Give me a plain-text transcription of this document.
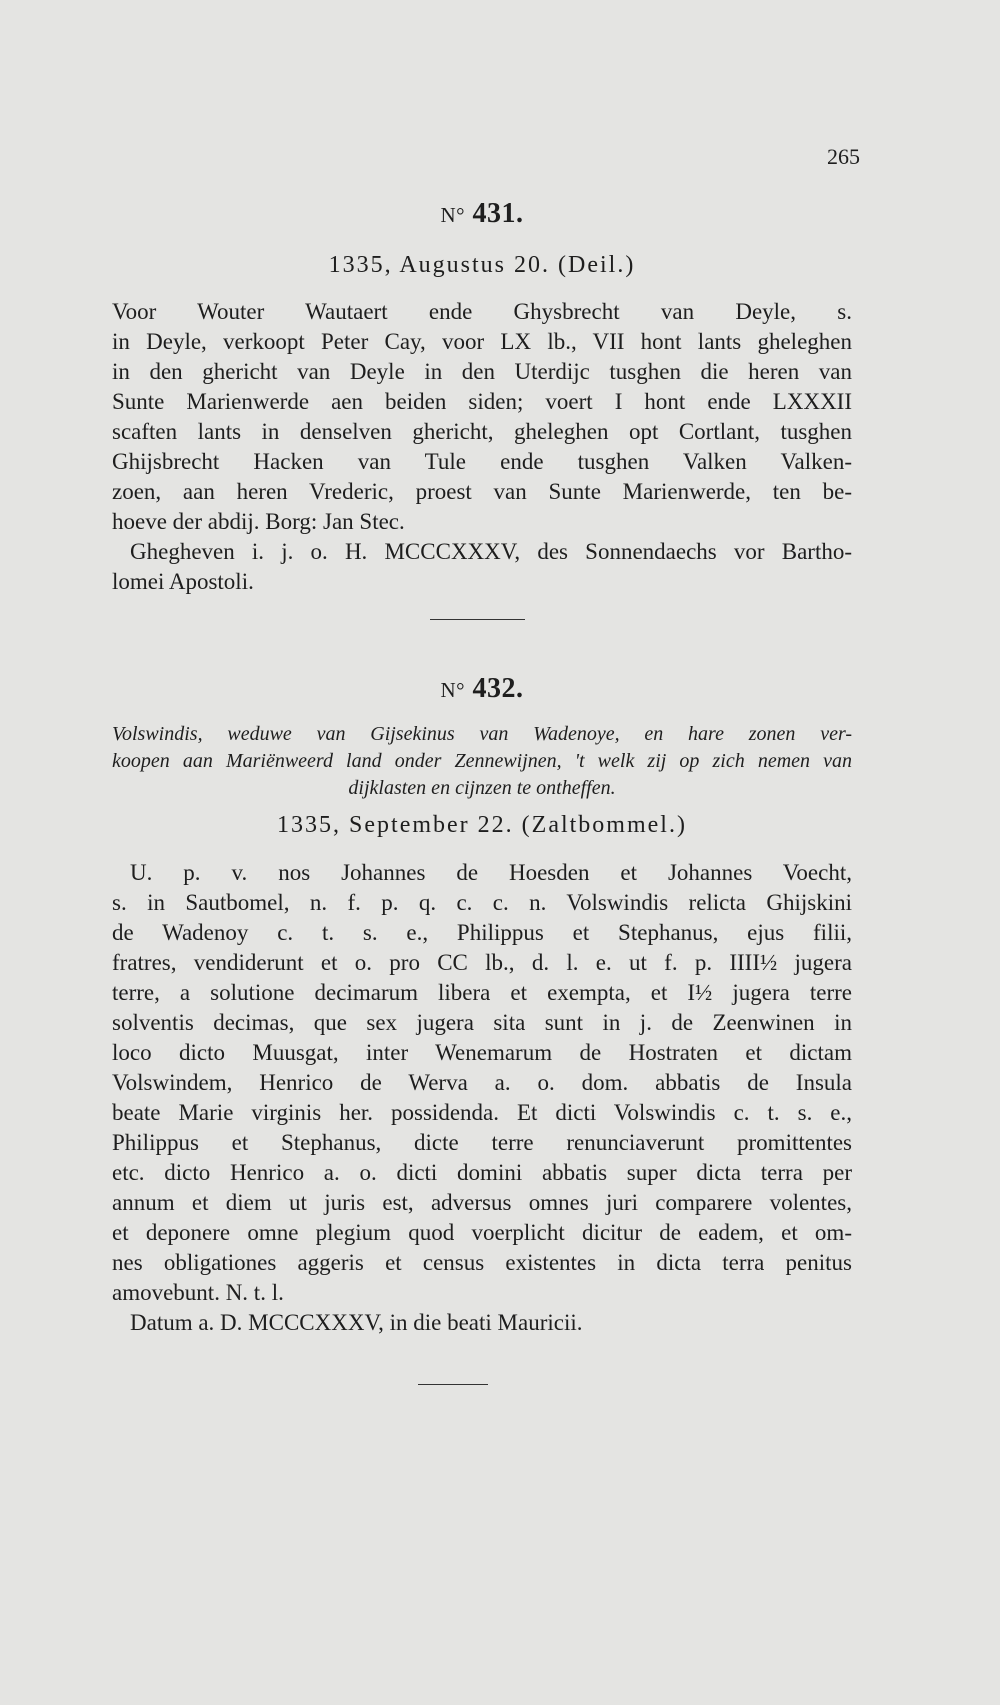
265
N° 431.
1335, Augustus 20. (Deil.)
Voor Wouter Wautaert ende Ghysbrecht van Deyle, s.
in Deyle, verkoopt Peter Cay, voor LX lb., VII hont lants gheleghen
in den ghericht van Deyle in den Uterdijc tusghen die heren van
Sunte Marienwerde aen beiden siden; voert I hont ende LXXXII
scaften lants in denselven ghericht, gheleghen opt Cortlant, tusghen
Ghijsbrecht Hacken van Tule ende tusghen Valken Valken-
zoen, aan heren Vrederic, proest van Sunte Marienwerde, ten be-
hoeve der abdij. Borg: Jan Stec.
Ghegheven i. j. o. H. MCCCXXXV, des Sonnendaechs vor Bartho-
lomei Apostoli.
N° 432.
Volswindis, weduwe van Gijsekinus van Wadenoye, en hare zonen ver-
koopen aan Mariënweerd land onder Zennewijnen, 't welk zij op zich nemen van
dijklasten en cijnzen te ontheffen.
1335, September 22. (Zaltbommel.)
U. p. v. nos Johannes de Hoesden et Johannes Voecht,
s. in Sautbomel, n. f. p. q. c. c. n. Volswindis relicta Ghijskini
de Wadenoy c. t. s. e., Philippus et Stephanus, ejus filii,
fratres, vendiderunt et o. pro CC lb., d. l. e. ut f. p. IIII½ jugera
terre, a solutione decimarum libera et exempta, et I½ jugera terre
solventis decimas, que sex jugera sita sunt in j. de Zeenwinen in
loco dicto Muusgat, inter Wenemarum de Hostraten et dictam
Volswindem, Henrico de Werva a. o. dom. abbatis de Insula
beate Marie virginis her. possidenda. Et dicti Volswindis c. t. s. e.,
Philippus et Stephanus, dicte terre renunciaverunt promittentes
etc. dicto Henrico a. o. dicti domini abbatis super dicta terra per
annum et diem ut juris est, adversus omnes juri comparere volentes,
et deponere omne plegium quod voerplicht dicitur de eadem, et om-
nes obligationes aggeris et census existentes in dicta terra penitus
amovebunt. N. t. l.
Datum a. D. MCCCXXXV, in die beati Mauricii.
